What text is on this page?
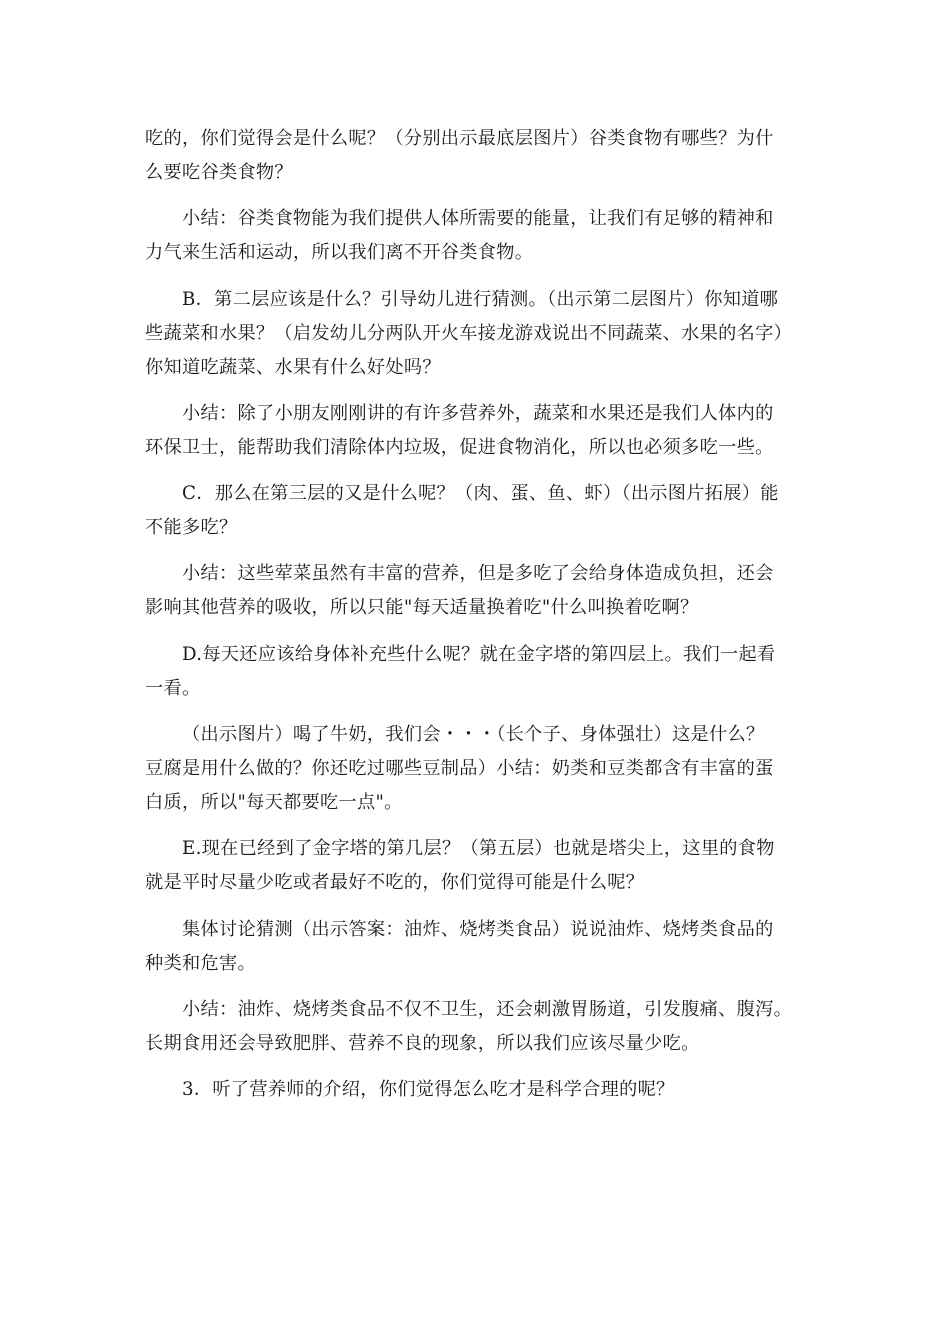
吃的，你们觉得会是什么呢？（分别出示最底层图片）谷类食物有哪些？为什
么要吃谷类食物？
小结：谷类食物能为我们提供人体所需要的能量，让我们有足够的精神和
力气来生活和运动，所以我们离不开谷类食物。
B．第二层应该是什么？引导幼儿进行猜测。（出示第二层图片）你知道哪
些蔬菜和水果？（启发幼儿分两队开火车接龙游戏说出不同蔬菜、水果的名字）
你知道吃蔬菜、水果有什么好处吗？
小结：除了小朋友刚刚讲的有许多营养外，蔬菜和水果还是我们人体内的
环保卫士，能帮助我们清除体内垃圾，促进食物消化，所以也必须多吃一些。
C．那么在第三层的又是什么呢？（肉、蛋、鱼、虾）（出示图片拓展）能
不能多吃？
小结：这些荤菜虽然有丰富的营养，但是多吃了会给身体造成负担，还会
影响其他营养的吸收，所以只能"每天适量换着吃"什么叫换着吃啊？
D.每天还应该给身体补充些什么呢？就在金字塔的第四层上。我们一起看
一看。
（出示图片）喝了牛奶，我们会・・・（长个子、身体强壮）这是什么？
豆腐是用什么做的？你还吃过哪些豆制品）小结：奶类和豆类都含有丰富的蛋
白质，所以"每天都要吃一点"。
E.现在已经到了金字塔的第几层？（第五层）也就是塔尖上，这里的食物
就是平时尽量少吃或者最好不吃的，你们觉得可能是什么呢？
集体讨论猜测（出示答案：油炸、烧烤类食品）说说油炸、烧烤类食品的
种类和危害。
小结：油炸、烧烤类食品不仅不卫生，还会刺激胃肠道，引发腹痛、腹泻。
长期食用还会导致肥胖、营养不良的现象，所以我们应该尽量少吃。
3．听了营养师的介绍，你们觉得怎么吃才是科学合理的呢？
